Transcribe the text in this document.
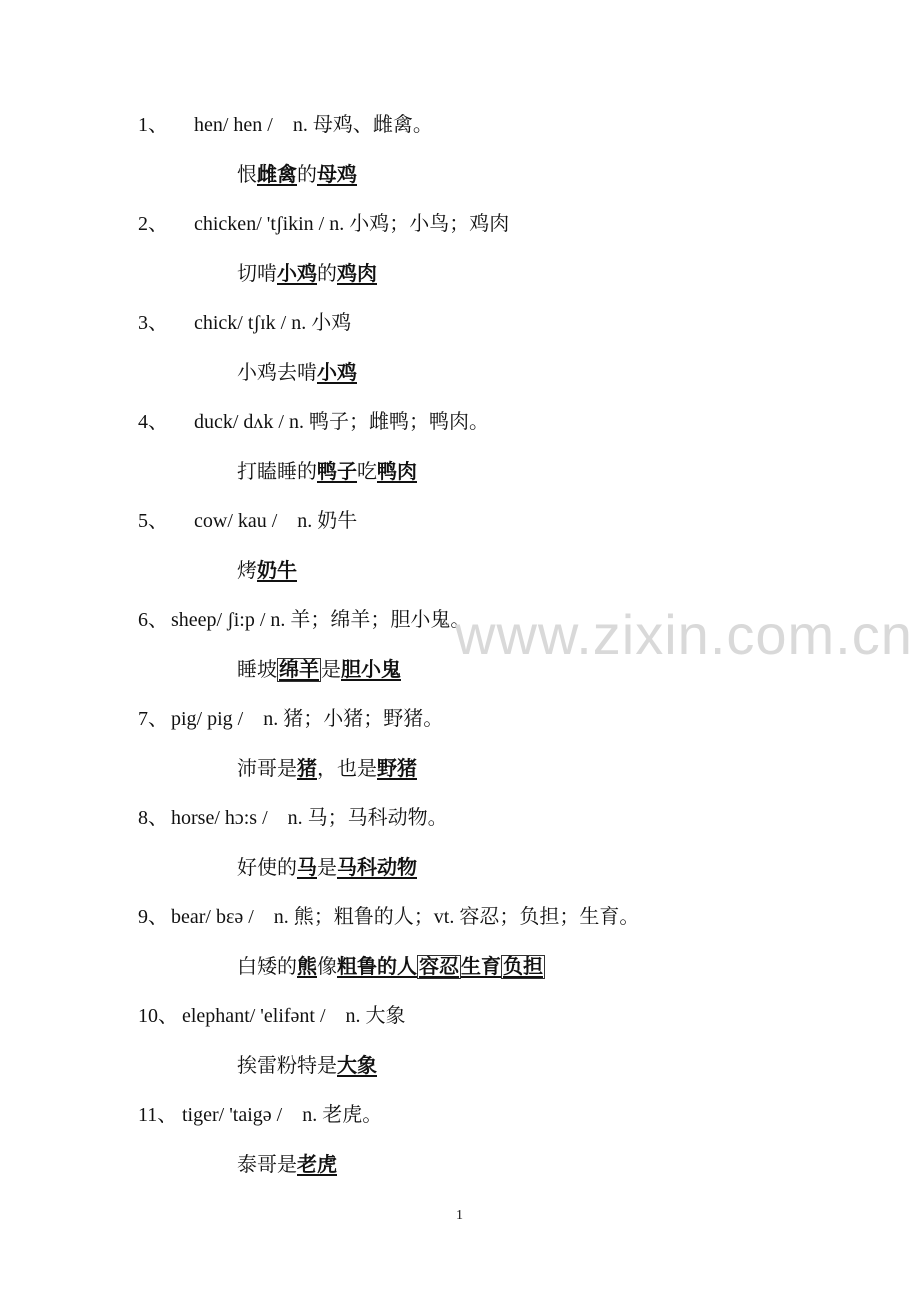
1、 hen/ hen /　n. 母鸡、雌禽。
恨雌禽的母鸡
2、 chicken/ 'tʃikin / n. 小鸡；小鸟；鸡肉
切啃小鸡的鸡肉
3、 chick/ tʃɪk / n. 小鸡
小鸡去啃小鸡
4、 duck/ dʌk / n. 鸭子；雌鸭；鸭肉。
打瞌睡的鸭子吃鸭肉
5、 cow/ kau /　n. 奶牛
烤奶牛
6、 sheep/ ʃi:p / n. 羊；绵羊；胆小鬼。
睡坡 绵羊 是胆小鬼
7、 pig/ pig /　n. 猪；小猪；野猪。
沛哥是猪，也是野猪
8、 horse/ hɔ:s /　n. 马；马科动物。
好使的马是马科动物
9、 bear/ bɛə /　n. 熊；粗鲁的人；vt. 容忍；负担；生育。
白矮的熊像粗鲁的人 容忍 生育 负担
10、 elephant/ 'elifənt /　n. 大象
挨雷粉特是大象
11、 tiger/ 'taigə /　n. 老虎。
泰哥是老虎
www.zixin.com.cn
1
